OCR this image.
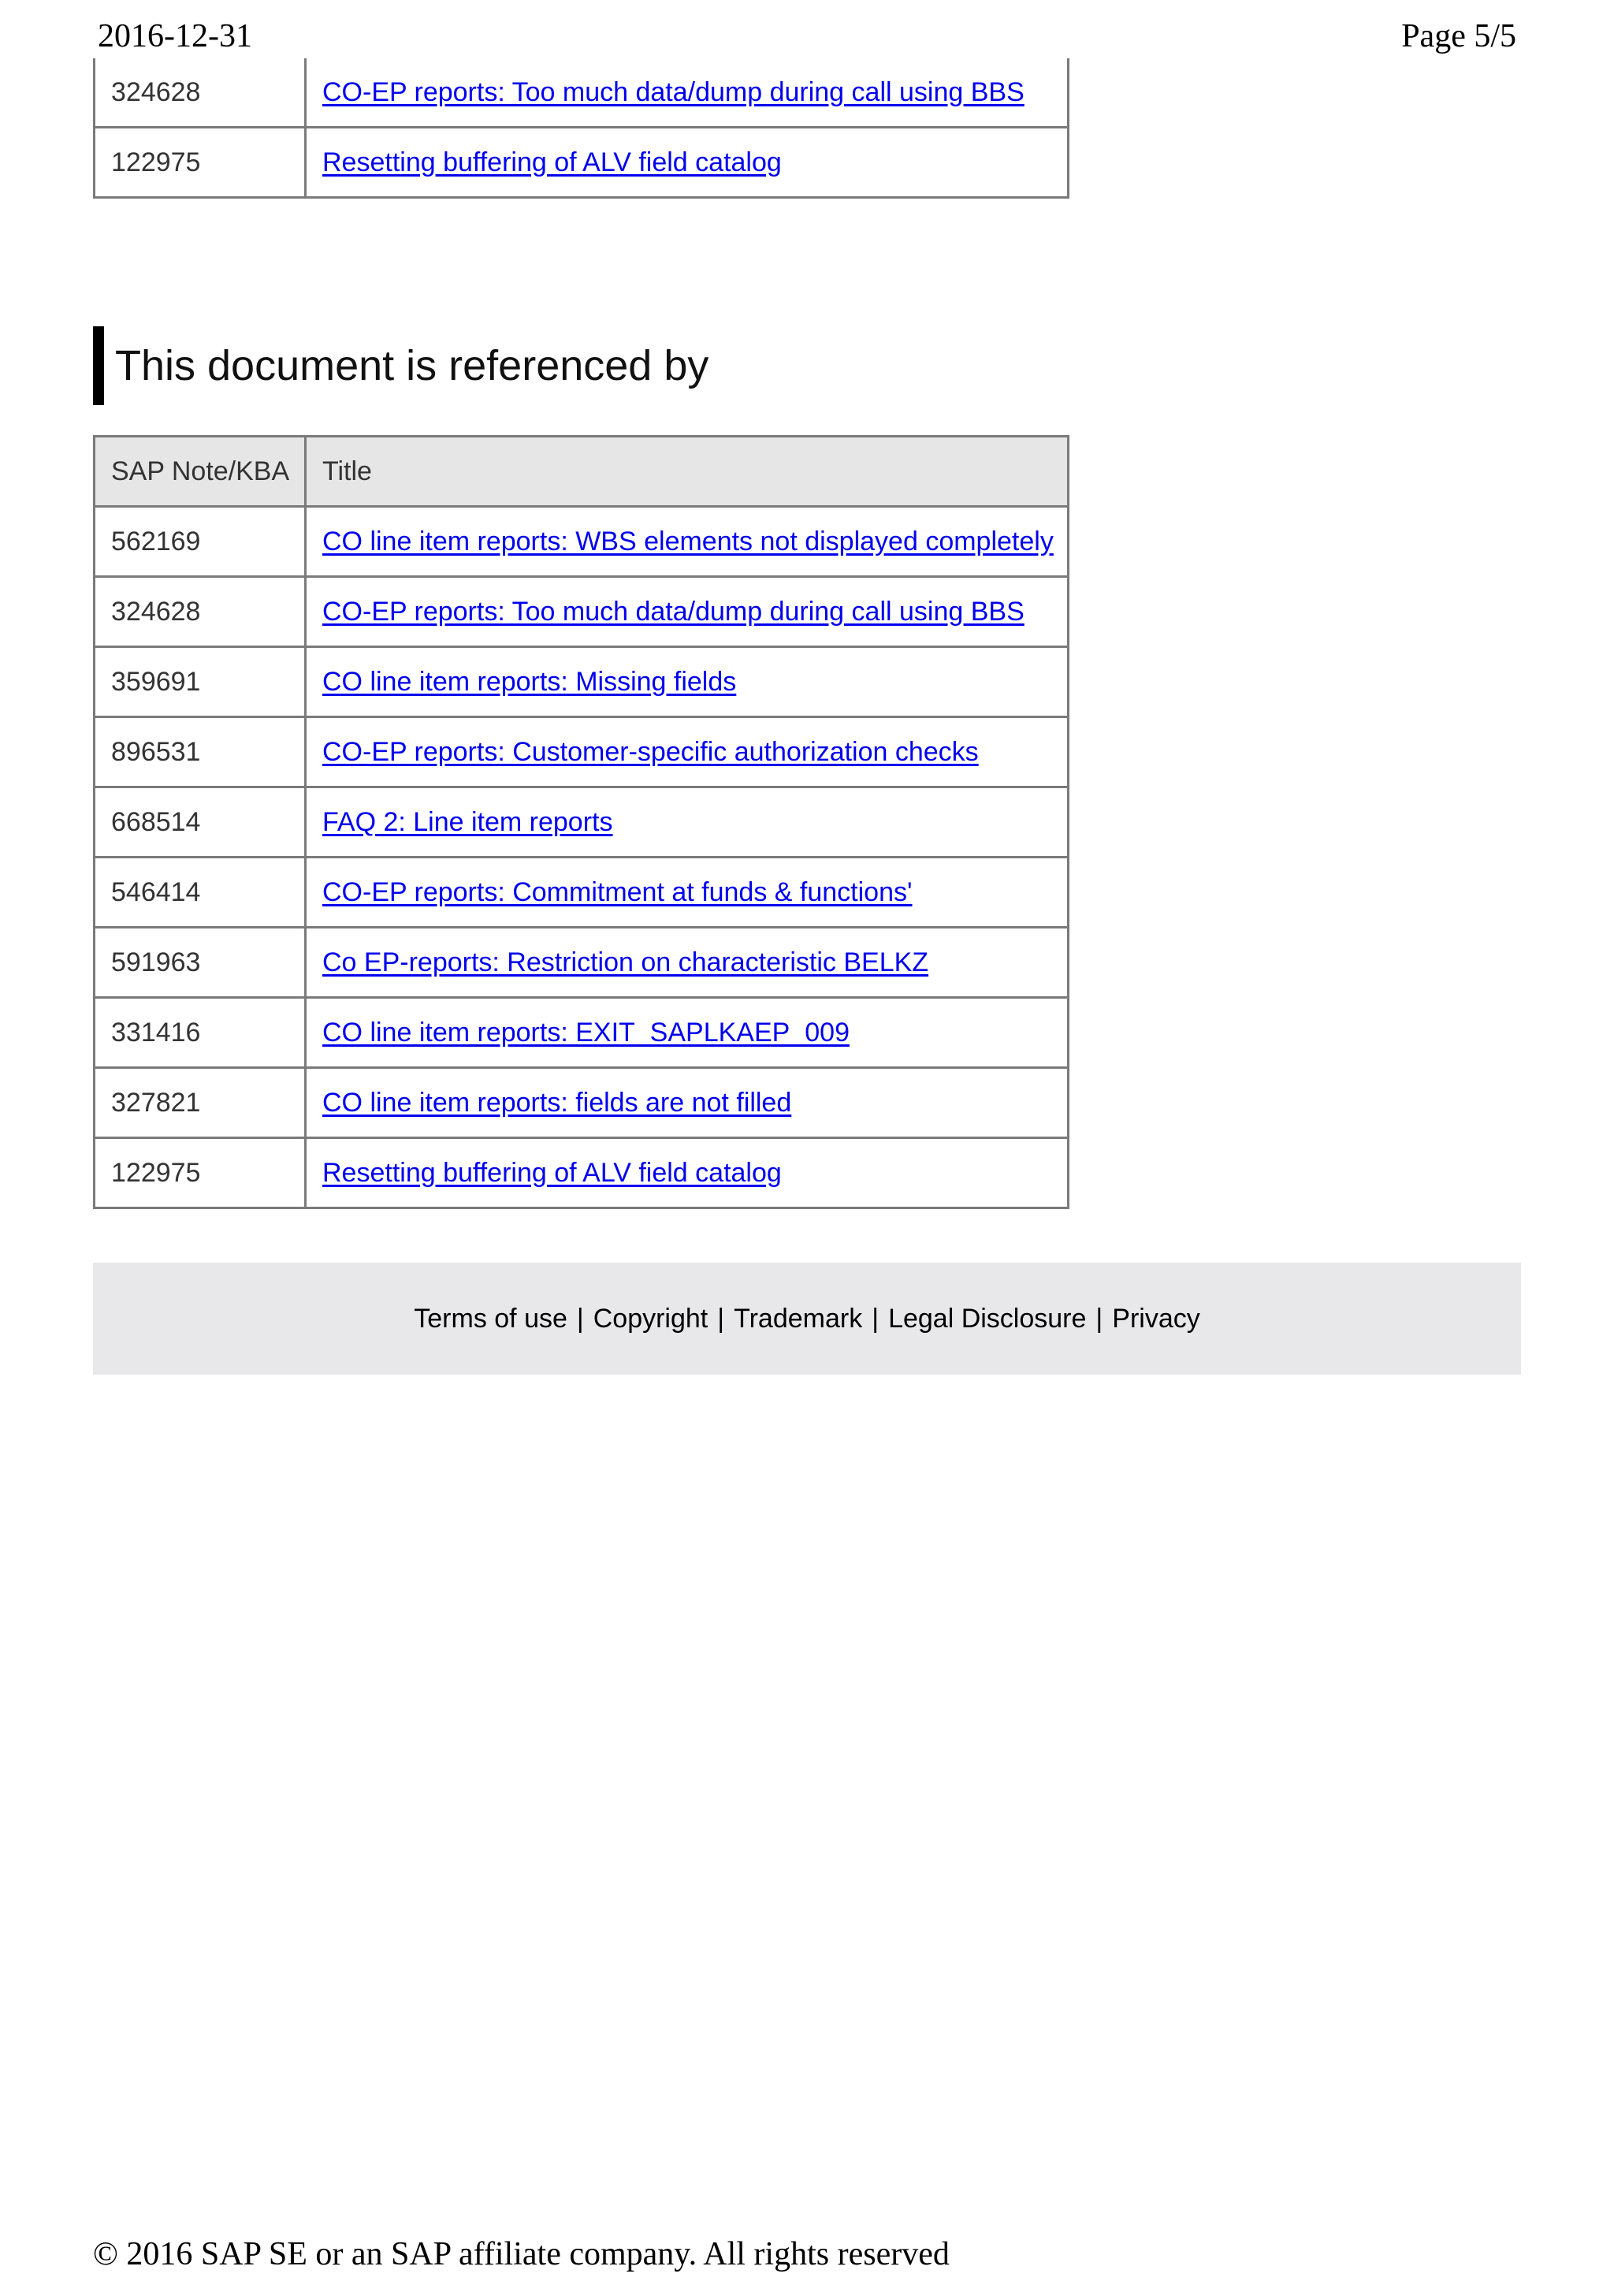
2016-12-31	Page 5/5
324628	CO-EP reports: Too much data/dump during call using BBS
122975	Resetting buffering of ALV field catalog
This document is referenced by
SAP Note/KBA	Title
562169	CO line item reports: WBS elements not displayed completely
324628	CO-EP reports: Too much data/dump during call using BBS
359691	CO line item reports: Missing fields
896531	CO-EP reports: Customer-specific authorization checks
668514	FAQ 2: Line item reports
546414	CO-EP reports: Commitment at funds & functions'
591963	Co EP-reports: Restriction on characteristic BELKZ
331416	CO line item reports: EXIT_SAPLKAEP_009
327821	CO line item reports: fields are not filled
122975	Resetting buffering of ALV field catalog
Terms of use | Copyright | Trademark | Legal Disclosure | Privacy
© 2016 SAP SE or an SAP affiliate company. All rights reserved
